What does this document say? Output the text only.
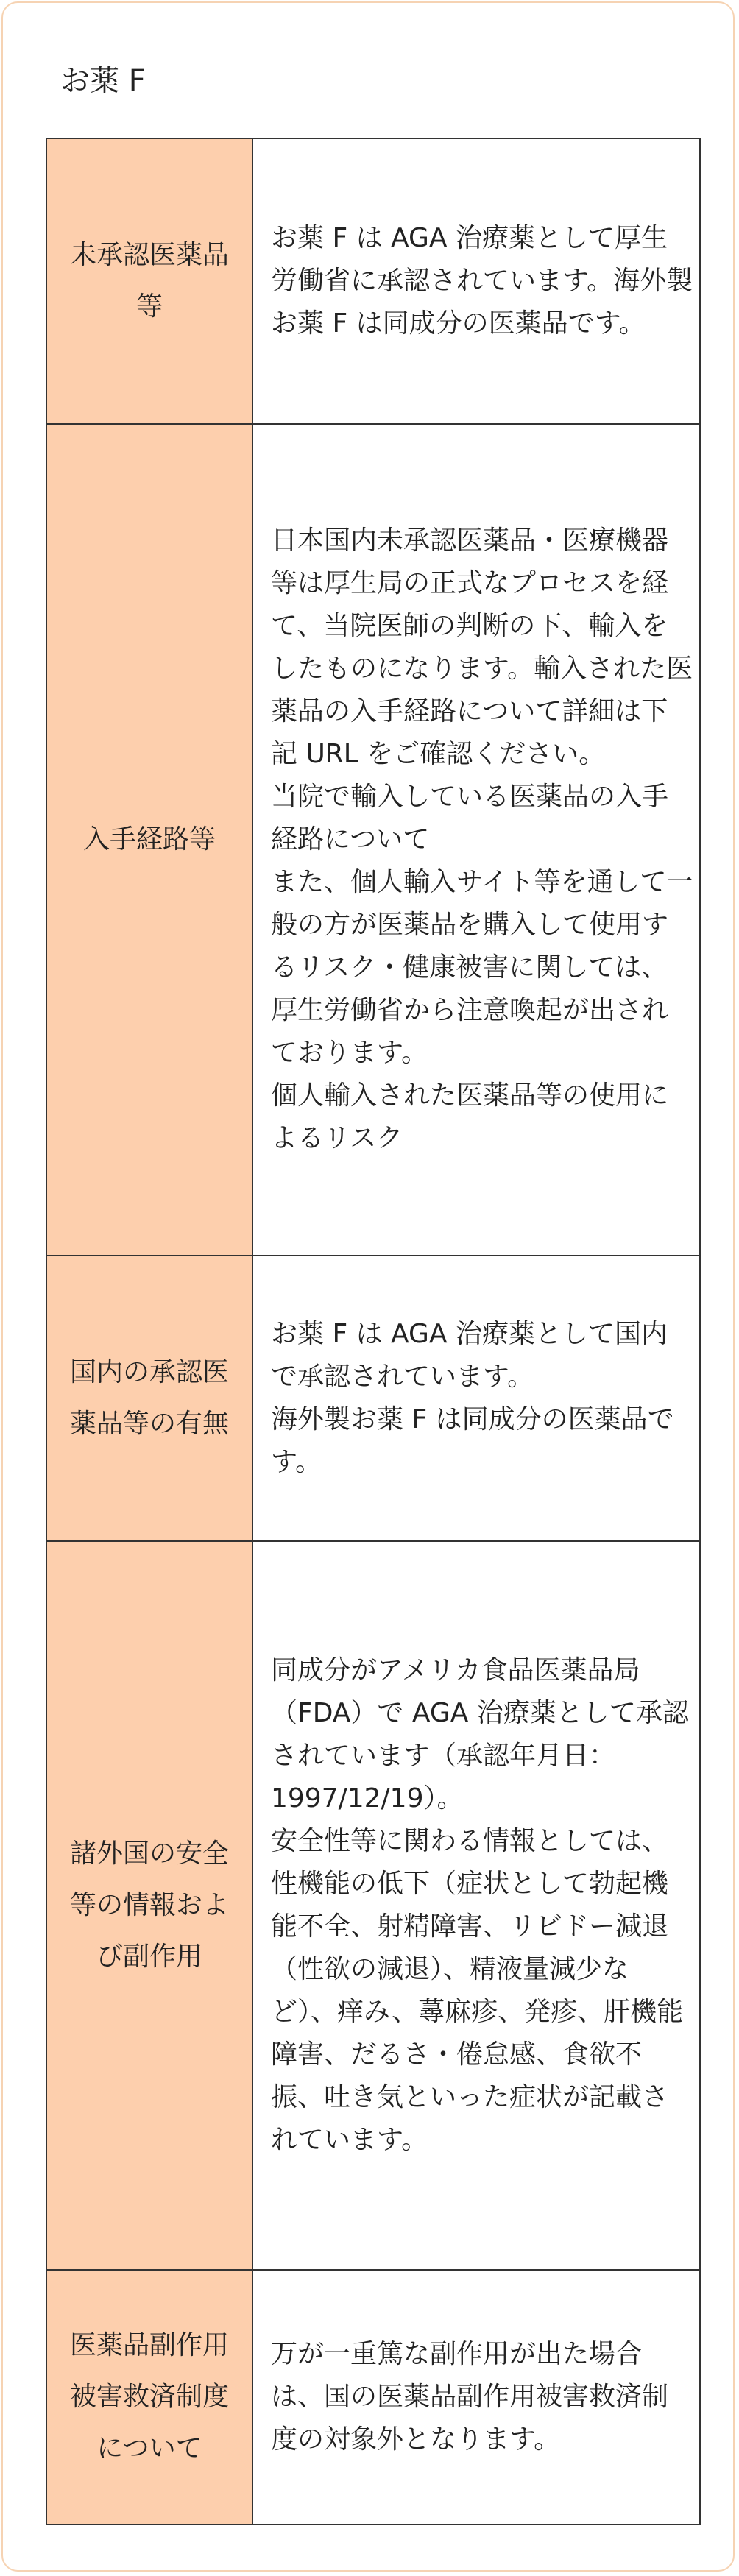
お薬 F
未承認医薬品等	お薬 F は AGA 治療薬として厚生労働省に承認されています。海外製お薬 F は同成分の医薬品です。

入手経路等	日本国内未承認医薬品・医療機器等は厚生局の正式なプロセスを経て、当院医師の判断の下、輸入をしたものになります。輸入された医薬品の入手経路について詳細は下記 URL をご確認ください。
当院で輸入している医薬品の入手経路について
また、個人輸入サイト等を通して一般の方が医薬品を購入して使用するリスク・健康被害に関しては、厚生労働省から注意喚起が出されております。
個人輸入された医薬品等の使用によるリスク

国内の承認医薬品等の有無	お薬 F は AGA 治療薬として国内で承認されています。
海外製お薬 F は同成分の医薬品です。

諸外国の安全等の情報および副作用	同成分がアメリカ食品医薬品局（FDA）で AGA 治療薬として承認されています（承認年月日：1997/12/19）。
安全性等に関わる情報としては、性機能の低下（症状として勃起機能不全、射精障害、リビドー減退（性欲の減退）、精液量減少など）、痒み、蕁麻疹、発疹、肝機能障害、だるさ・倦怠感、食欲不振、吐き気といった症状が記載されています。

医薬品副作用被害救済制度について	万が一重篤な副作用が出た場合は、国の医薬品副作用被害救済制度の対象外となります。
